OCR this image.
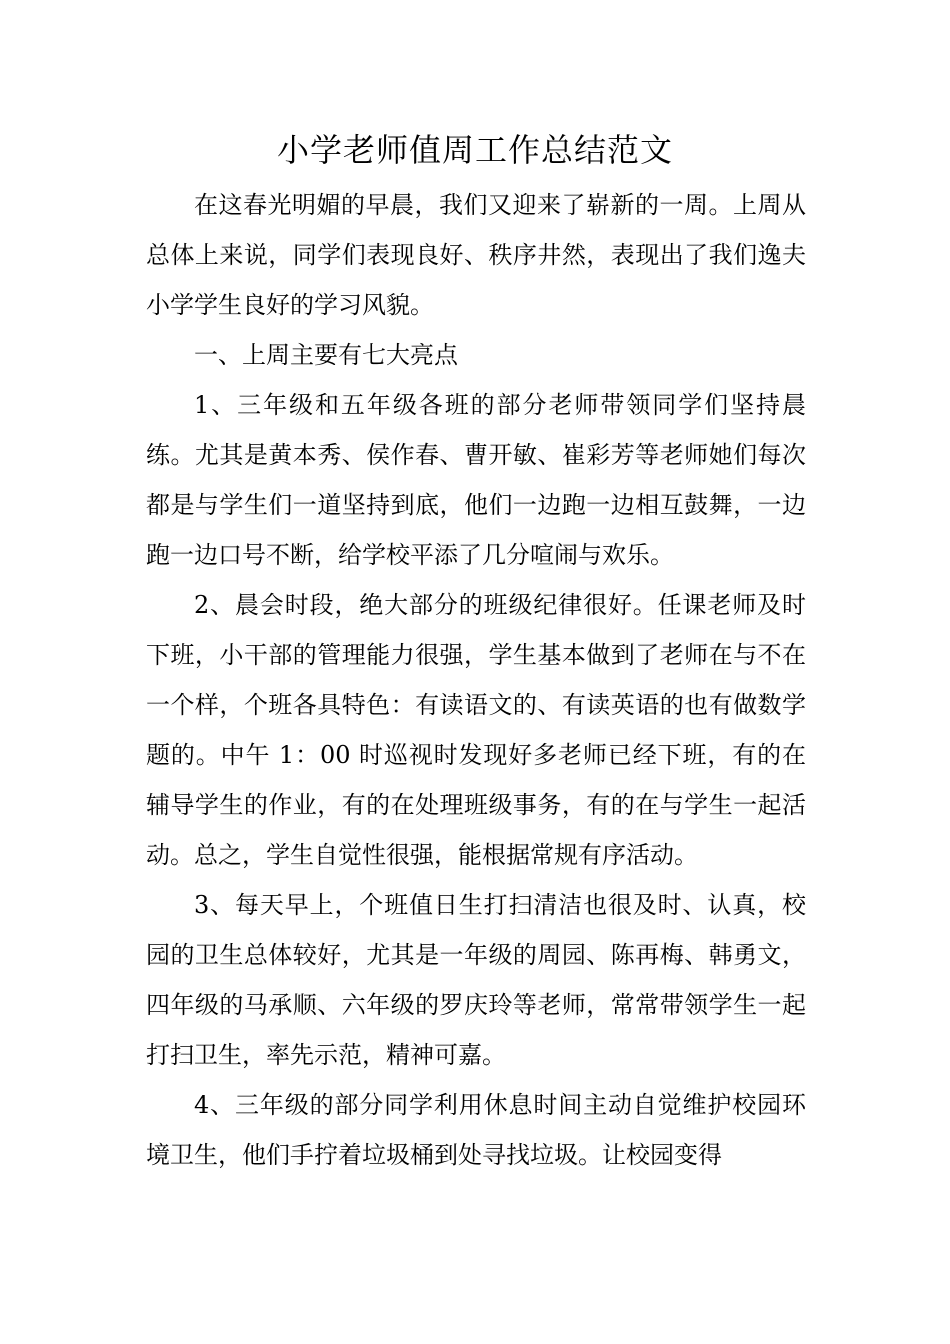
小学老师值周工作总结范文

在这春光明媚的早晨，我们又迎来了崭新的一周。上周从总体上来说，同学们表现良好、秩序井然，表现出了我们逸夫小学学生良好的学习风貌。

一、上周主要有七大亮点

1、三年级和五年级各班的部分老师带领同学们坚持晨练。尤其是黄本秀、侯作春、曹开敏、崔彩芳等老师她们每次都是与学生们一道坚持到底，他们一边跑一边相互鼓舞，一边跑一边口号不断，给学校平添了几分喧闹与欢乐。

2、晨会时段，绝大部分的班级纪律很好。任课老师及时下班，小干部的管理能力很强，学生基本做到了老师在与不在一个样，个班各具特色：有读语文的、有读英语的也有做数学题的。中午 1：00 时巡视时发现好多老师已经下班，有的在辅导学生的作业，有的在处理班级事务，有的在与学生一起活动。总之，学生自觉性很强，能根据常规有序活动。

3、每天早上，个班值日生打扫清洁也很及时、认真，校园的卫生总体较好，尤其是一年级的周园、陈再梅、韩勇文，四年级的马承顺、六年级的罗庆玲等老师，常常带领学生一起打扫卫生，率先示范，精神可嘉。

4、三年级的部分同学利用休息时间主动自觉维护校园环境卫生，他们手拧着垃圾桶到处寻找垃圾。让校园变得
